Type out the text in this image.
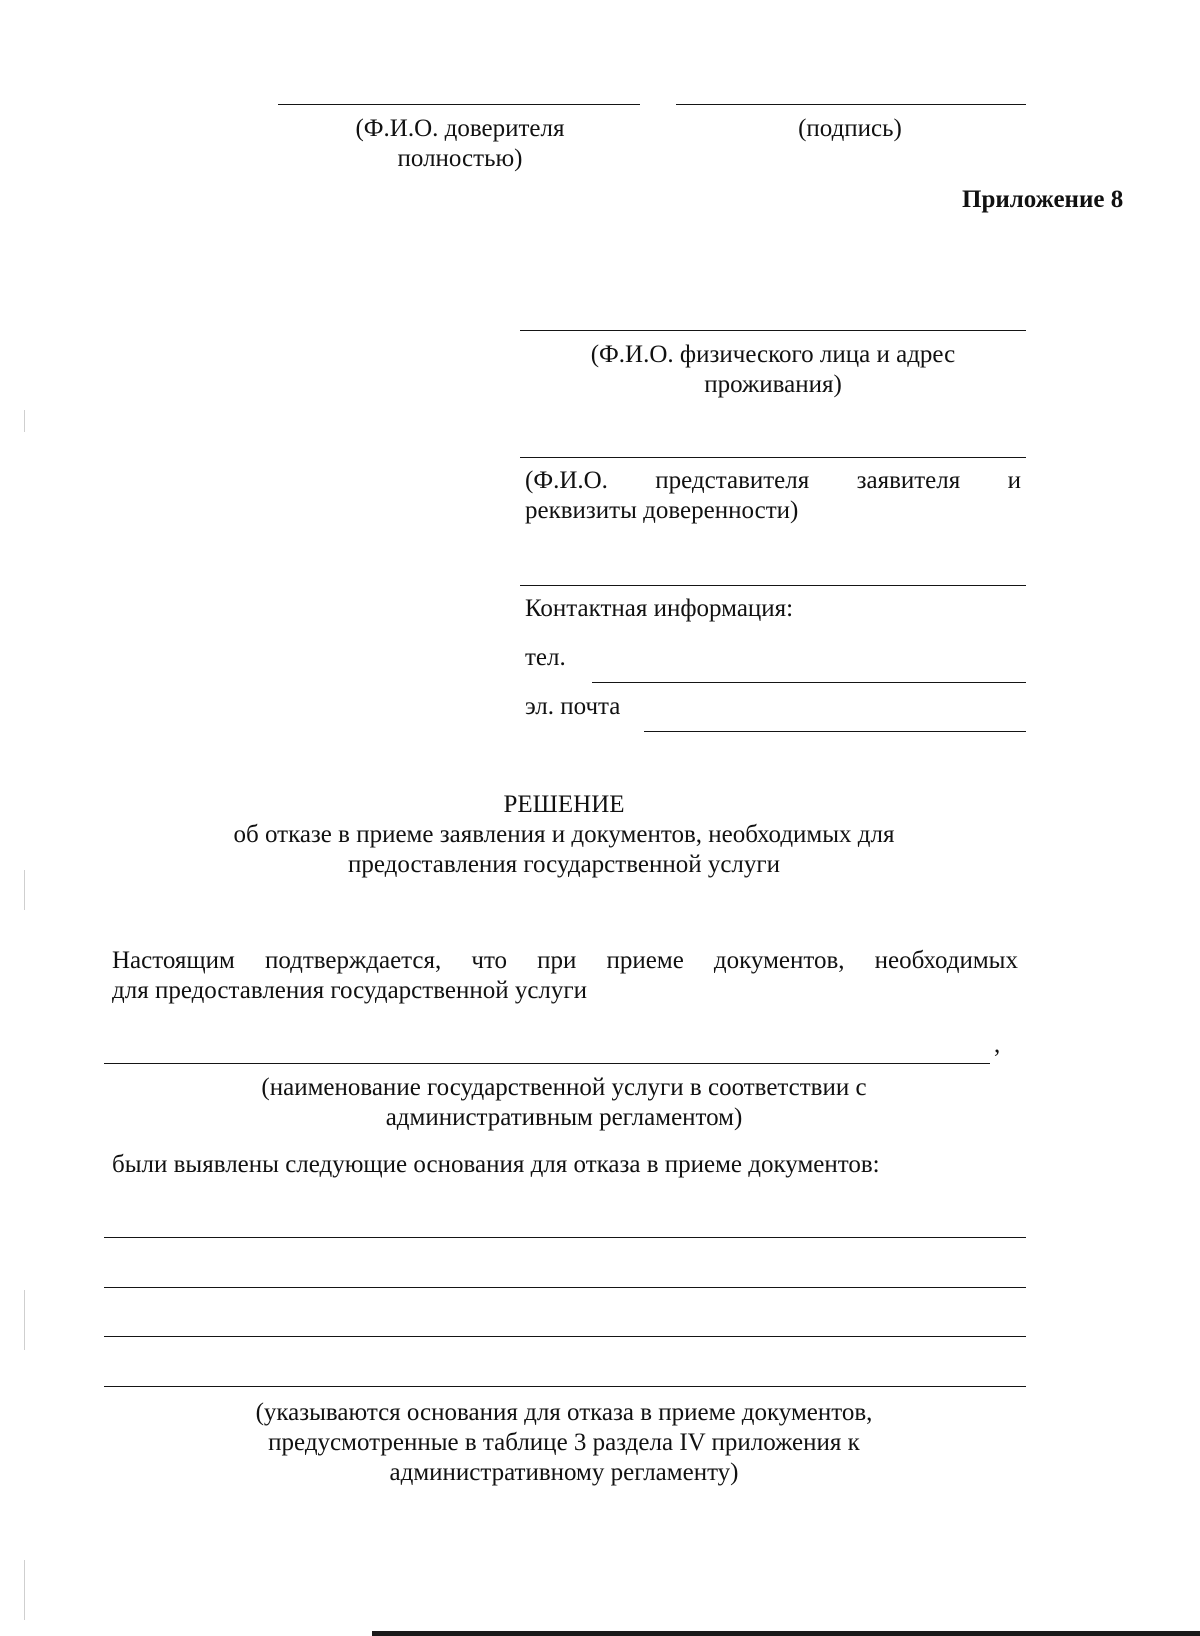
(Ф.И.О. доверителя
полностью)
(подпись)
Приложение 8
(Ф.И.О. физического лица и адрес
проживания)
(Ф.И.О. представителя заявителя и
реквизиты доверенности)
Контактная информация:
тел.
эл. почта
РЕШЕНИЕ
об отказе в приеме заявления и документов, необходимых для
предоставления государственной услуги
Настоящим подтверждается, что при приеме документов, необходимых
для предоставления государственной услуги
,
(наименование государственной услуги в соответствии с
административным регламентом)
были выявлены следующие основания для отказа в приеме документов:
(указываются основания для отказа в приеме документов,
предусмотренные в таблице 3 раздела IV приложения к
административному регламенту)
